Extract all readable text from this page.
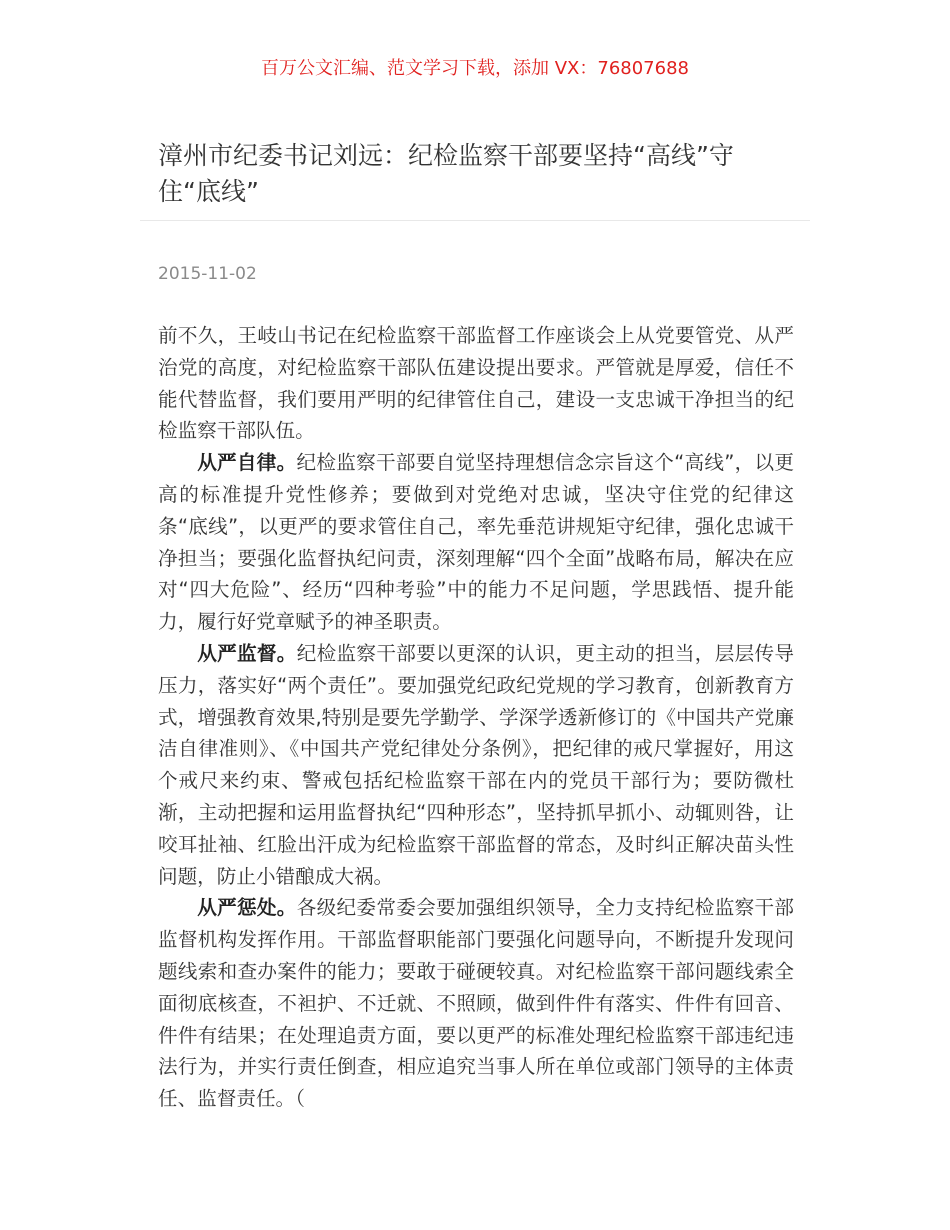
百万公文汇编、范文学习下载，添加 VX：76807688
漳州市纪委书记刘远：纪检监察干部要坚持“高线”守住“底线”
2015-11-02

前不久，王岐山书记在纪检监察干部监督工作座谈会上从党要管党、从严治党的高度，对纪检监察干部队伍建设提出要求。严管就是厚爱，信任不能代替监督，我们要用严明的纪律管住自己，建设一支忠诚干净担当的纪检监察干部队伍。

从严自律。纪检监察干部要自觉坚持理想信念宗旨这个“高线”，以更高的标准提升党性修养；要做到对党绝对忠诚，坚决守住党的纪律这条“底线”，以更严的要求管住自己，率先垂范讲规矩守纪律，强化忠诚干净担当；要强化监督执纪问责，深刻理解“四个全面”战略布局，解决在应对“四大危险”、经历“四种考验”中的能力不足问题，学思践悟、提升能力，履行好党章赋予的神圣职责。

从严监督。纪检监察干部要以更深的认识，更主动的担当，层层传导压力，落实好“两个责任”。要加强党纪政纪党规的学习教育，创新教育方式，增强教育效果,特别是要先学勤学、学深学透新修订的《中国共产党廉洁自律准则》、《中国共产党纪律处分条例》，把纪律的戒尺掌握好，用这个戒尺来约束、警戒包括纪检监察干部在内的党员干部行为；要防微杜渐，主动把握和运用监督执纪“四种形态”，坚持抓早抓小、动辄则咎，让咬耳扯袖、红脸出汗成为纪检监察干部监督的常态，及时纠正解决苗头性问题，防止小错酿成大祸。

从严惩处。各级纪委常委会要加强组织领导，全力支持纪检监察干部监督机构发挥作用。干部监督职能部门要强化问题导向，不断提升发现问题线索和查办案件的能力；要敢于碰硬较真。对纪检监察干部问题线索全面彻底核查，不袒护、不迁就、不照顾，做到件件有落实、件件有回音、件件有结果；在处理追责方面，要以更严的标准处理纪检监察干部违纪违法行为，并实行责任倒查，相应追究当事人所在单位或部门领导的主体责任、监督责任。（
